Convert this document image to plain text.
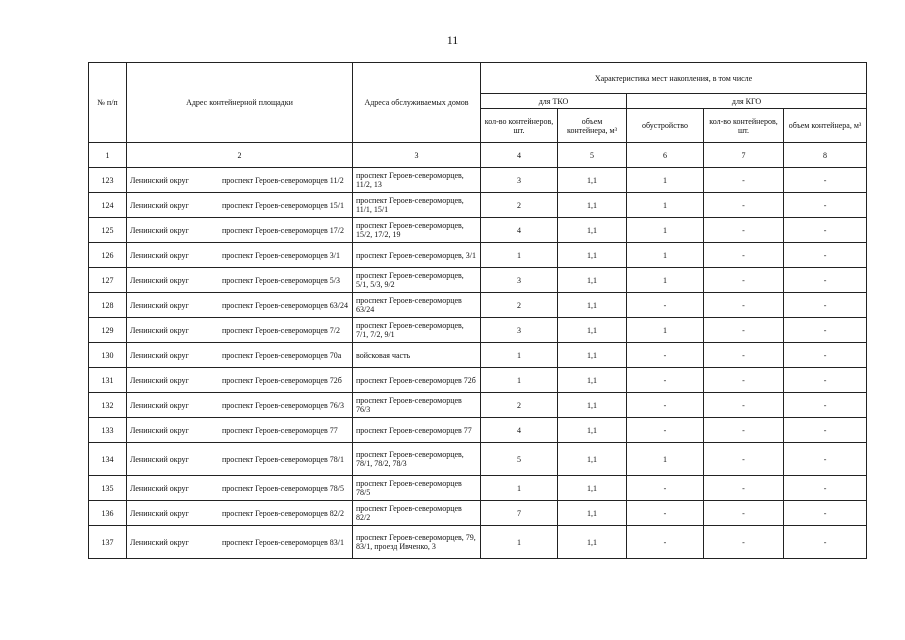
11
№ п/п	Адрес контейнерной площадки	Адреса обслуживаемых домов	Характеристика мест накопления, в том числе				
			для ТКО		для КГО		
			кол-во контейнеров, шт.	объем контейнера, м³	обустройство	кол-во контейнеров, шт.	объем контейнера, м³
1	2	3	4	5	6	7	8
123	Ленинский округ проспект Героев-североморцев 11/2	проспект Героев-североморцев, 11/2, 13	3	1,1	1	-	-
124	Ленинский округ проспект Героев-североморцев 15/1	проспект Героев-североморцев, 11/1, 15/1	2	1,1	1	-	-
125	Ленинский округ проспект Героев-североморцев 17/2	проспект Героев-североморцев, 15/2, 17/2, 19	4	1,1	1	-	-
126	Ленинский округ проспект Героев-североморцев 3/1	проспект Героев-североморцев, 3/1	1	1,1	1	-	-
127	Ленинский округ проспект Героев-североморцев 5/3	проспект Героев-североморцев, 5/1, 5/3, 9/2	3	1,1	1	-	-
128	Ленинский округ проспект Героев-североморцев 63/24	проспект Героев-североморцев 63/24	2	1,1	-	-	-
129	Ленинский округ проспект Героев-североморцев 7/2	проспект Героев-североморцев, 7/1, 7/2, 9/1	3	1,1	1	-	-
130	Ленинский округ проспект Героев-североморцев 70а	войсковая часть	1	1,1	-	-	-
131	Ленинский округ проспект Героев-североморцев 72б	проспект Героев-североморцев 72б	1	1,1	-	-	-
132	Ленинский округ проспект Героев-североморцев 76/3	проспект Героев-североморцев 76/3	2	1,1	-	-	-
133	Ленинский округ проспект Героев-североморцев 77	проспект Героев-североморцев 77	4	1,1	-	-	-
134	Ленинский округ проспект Героев-североморцев 78/1	проспект Героев-североморцев, 78/1, 78/2, 78/3	5	1,1	1	-	-
135	Ленинский округ проспект Героев-североморцев 78/5	проспект Героев-североморцев 78/5	1	1,1	-	-	-
136	Ленинский округ проспект Героев-североморцев 82/2	проспект Героев-североморцев 82/2	7	1,1	-	-	-
137	Ленинский округ проспект Героев-североморцев 83/1	проспект Героев-североморцев, 79, 83/1, проезд Ивченко, 3	1	1,1	-	-	-
